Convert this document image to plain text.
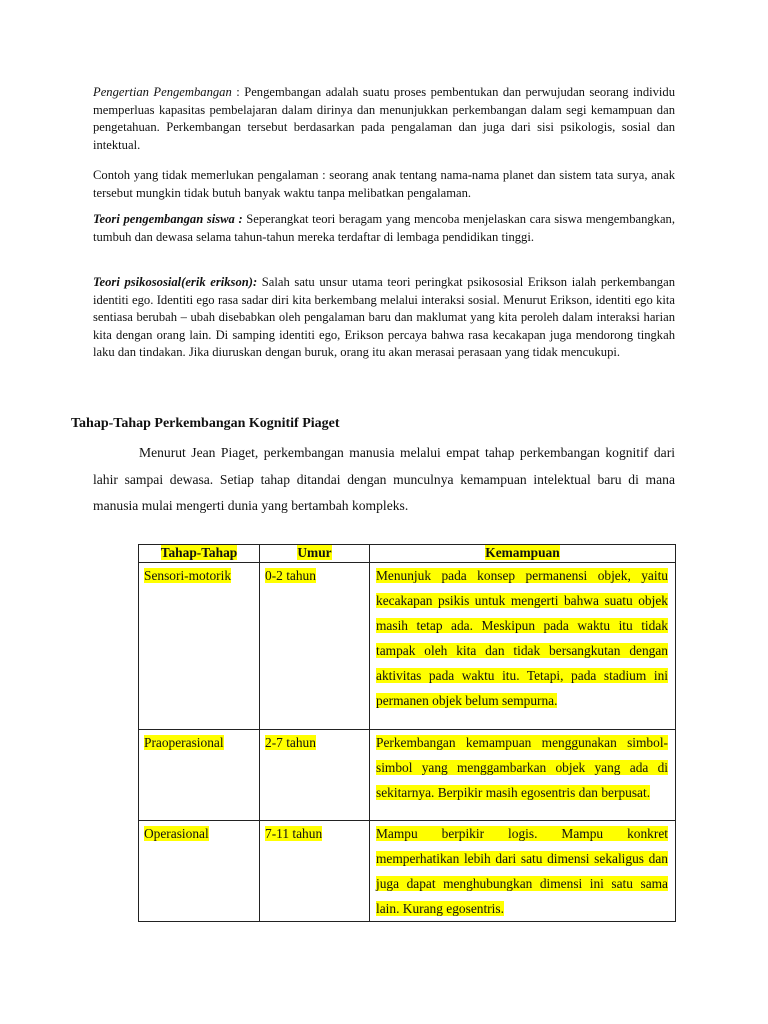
Pengertian Pengembangan : Pengembangan adalah suatu proses pembentukan dan perwujudan seorang individu memperluas kapasitas pembelajaran dalam dirinya dan menunjukkan perkembangan dalam segi kemampuan dan pengetahuan. Perkembangan tersebut berdasarkan pada pengalaman dan juga dari sisi psikologis, sosial dan intektual.

Contoh yang tidak memerlukan pengalaman : seorang anak tentang nama-nama planet dan sistem tata surya, anak tersebut mungkin tidak butuh banyak waktu tanpa melibatkan pengalaman.

Teori pengembangan siswa : Seperangkat teori beragam yang mencoba menjelaskan cara siswa mengembangkan, tumbuh dan dewasa selama tahun-tahun mereka terdaftar di lembaga pendidikan tinggi.

Teori psikososial(erik erikson): Salah satu unsur utama teori peringkat psikososial Erikson ialah perkembangan identiti ego. Identiti ego rasa sadar diri kita berkembang melalui interaksi sosial. Menurut Erikson, identiti ego kita sentiasa berubah – ubah disebabkan oleh pengalaman baru dan maklumat yang kita peroleh dalam interaksi harian kita dengan orang lain. Di samping identiti ego, Erikson percaya bahwa rasa kecakapan juga mendorong tingkah laku dan tindakan. Jika diuruskan dengan buruk, orang itu akan merasai perasaan yang tidak mencukupi.

Tahap-Tahap Perkembangan Kognitif Piaget

Menurut Jean Piaget, perkembangan manusia melalui empat tahap perkembangan kognitif dari lahir sampai dewasa. Setiap tahap ditandai dengan munculnya kemampuan intelektual baru di mana manusia mulai mengerti dunia yang bertambah kompleks.

Tahap-Tahap	Umur	Kemampuan
Sensori-motorik	0-2 tahun	Menunjuk pada konsep permanensi objek, yaitu kecakapan psikis untuk mengerti bahwa suatu objek masih tetap ada. Meskipun pada waktu itu tidak tampak oleh kita dan tidak bersangkutan dengan aktivitas pada waktu itu. Tetapi, pada stadium ini permanen objek belum sempurna.
Praoperasional	2-7 tahun	Perkembangan kemampuan menggunakan simbol-simbol yang menggambarkan objek yang ada di sekitarnya. Berpikir masih egosentris dan berpusat.
Operasional	7-11 tahun	Mampu berpikir logis. Mampu konkret memperhatikan lebih dari satu dimensi sekaligus dan juga dapat menghubungkan dimensi ini satu sama lain. Kurang egosentris.
